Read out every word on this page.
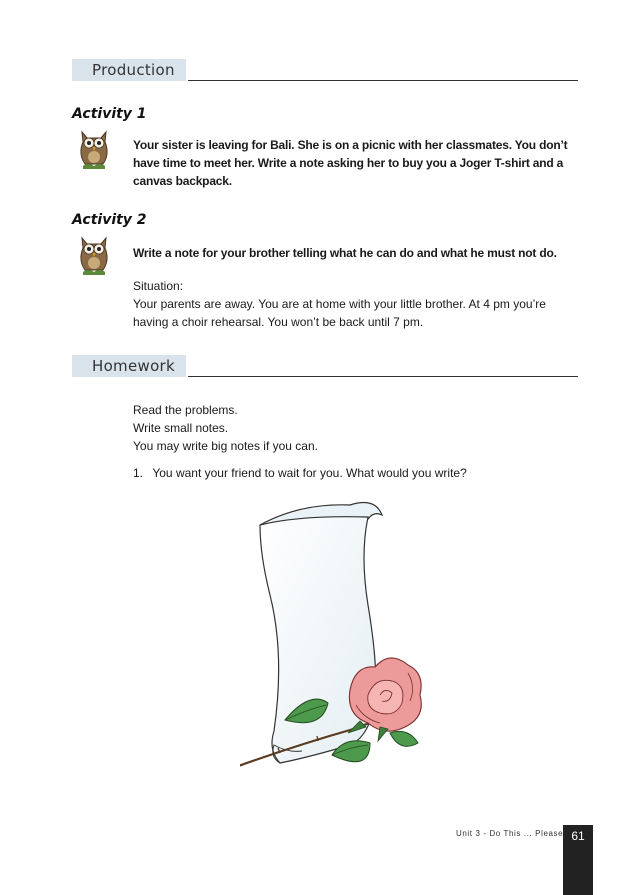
Production
Activity 1
Your sister is leaving for Bali. She is on a picnic with her classmates. You don’t
have time to meet her. Write a note asking her to buy you a Joger T-shirt and a
canvas backpack.
Activity 2
Write a note for your brother telling what he can do and what he must not do.
Situation:
Your parents are away. You are at home with your little brother. At 4 pm you’re
having a choir rehearsal. You won’t be back until 7 pm.
Homework
Read the problems.
Write small notes.
You may write big notes if you can.
1. You want your friend to wait for you. What would you write?
Unit 3 - Do This ... Please 61
